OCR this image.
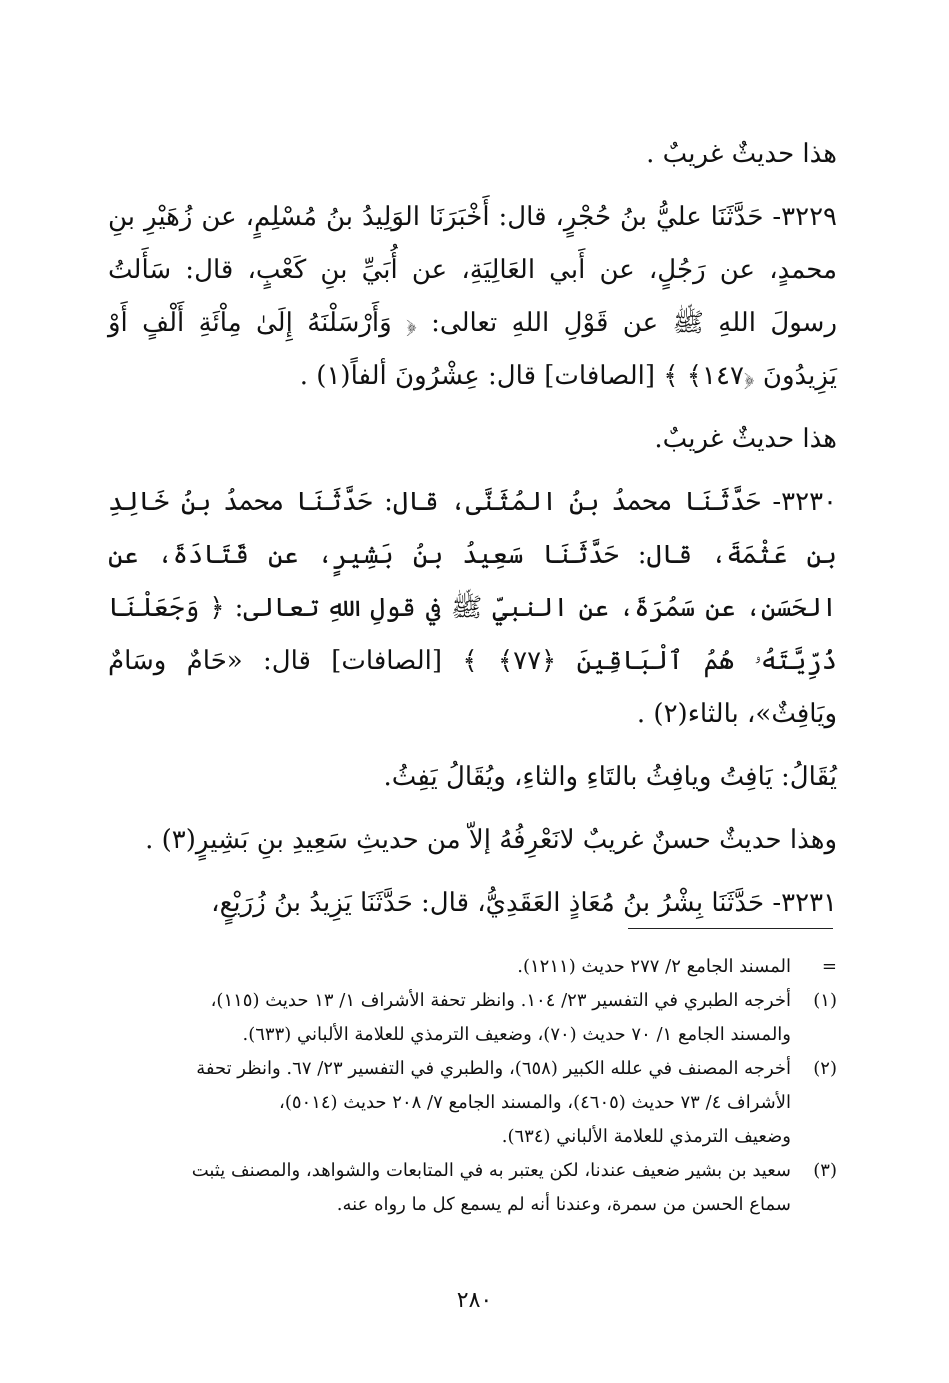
هذا حديثٌ غريبٌ .

٣٢٢٩- حَدَّثَنَا عليُّ بنُ حُجْرٍ، قال: أَخْبَرَنَا الوَلِيدُ بنُ مُسْلِمٍ، عن زُهَيْرِ بنِ محمدٍ، عن رَجُلٍ، عن أَبي العَالِيَةِ، عن أُبَيِّ بنِ كَعْبٍ، قال: سَأَلتُ رسولَ اللهِ ﷺ عن قَوْلِ اللهِ تعالى: ﴿ وَأَرْسَلْنَهُ إِلَىٰ مِاْئَةِ أَلْفٍ أَوْ يَزِيدُونَ ﴿١٤٧﴾ ﴾ [الصافات] قال: عِشْرُونَ ألفاً(١) .

هذا حديثٌ غريبٌ.

٣٢٣٠- حَدَّثَنَا محمدُ بنُ المُثَنَّى، قال: حَدَّثَنَا محمدُ بنُ خَالِدِ بنِ عَثْمَةَ، قال: حَدَّثَنَا سَعِيدُ بنُ بَشِيرٍ، عن قَتَادَةَ، عن الحَسَنِ، عن سَمُرَةَ، عن النبيِّ ﷺ في قولِ اللهِ تعالى: ﴿ وَجَعَلْنَا ذُرِّيَّتَهُۥ هُمُ ٱلْبَاقِينَ ﴿٧٧﴾ ﴾ [الصافات] قال: «حَامٌ وسَامٌ ويَافِثٌ»، بالثاء(٢) .

يُقَالُ: يَافِتُ ويافِثُ بالتَاءِ والثاءِ، ويُقَالُ يَفِثُ.

وهذا حديثٌ حسنٌ غريبٌ لانَعْرِفُهُ إلاّ من حديثِ سَعِيدِ بنِ بَشِيرٍ(٣) .

٣٢٣١- حَدَّثَنَا بِشْرُ بنُ مُعَاذٍ العَقَدِيُّ، قال: حَدَّثَنَا يَزِيدُ بنُ زُرَيْعٍ،

=
المسند الجامع ٢/ ٢٧٧ حديث (١٢١١).
(١)
أخرجه الطبري في التفسير ٢٣/ ١٠٤. وانظر تحفة الأشراف ١/ ١٣ حديث (١١٥)،
والمسند الجامع ١/ ٧٠ حديث (٧٠)، وضعيف الترمذي للعلامة الألباني (٦٣٣).
(٢)
أخرجه المصنف في علله الكبير (٦٥٨)، والطبري في التفسير ٢٣/ ٦٧. وانظر تحفة
الأشراف ٤/ ٧٣ حديث (٤٦٠٥)، والمسند الجامع ٧/ ٢٠٨ حديث (٥٠١٤)،
وضعيف الترمذي للعلامة الألباني (٦٣٤).
(٣)
سعيد بن بشير ضعيف عندنا، لكن يعتبر به في المتابعات والشواهد، والمصنف يثبت
سماع الحسن من سمرة، وعندنا أنه لم يسمع كل ما رواه عنه.
٢٨٠
